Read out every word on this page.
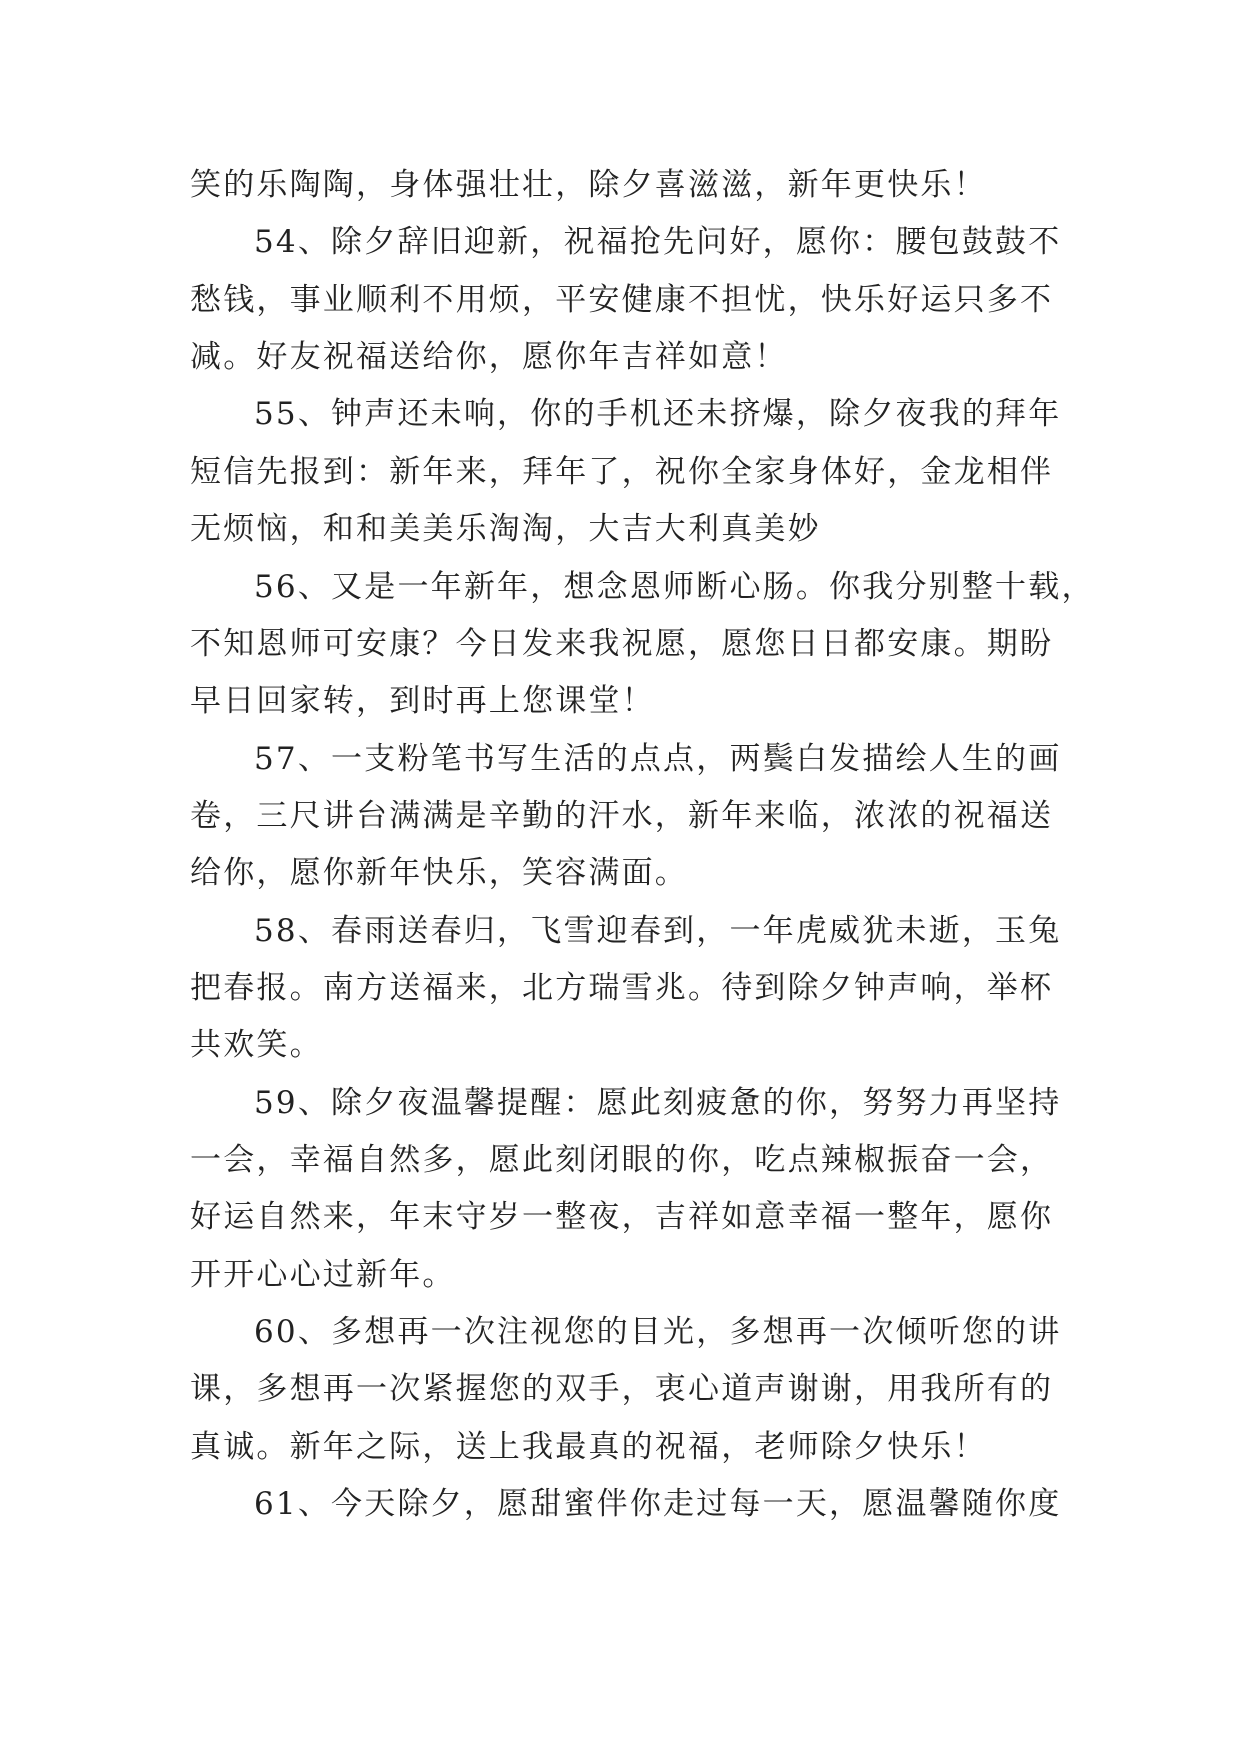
笑的乐陶陶，身体强壮壮，除夕喜滋滋，新年更快乐！
54、除夕辞旧迎新，祝福抢先问好，愿你：腰包鼓鼓不
愁钱，事业顺利不用烦，平安健康不担忧，快乐好运只多不
减。好友祝福送给你，愿你年吉祥如意！
55、钟声还未响，你的手机还未挤爆，除夕夜我的拜年
短信先报到：新年来，拜年了，祝你全家身体好，金龙相伴
无烦恼，和和美美乐淘淘，大吉大利真美妙
56、又是一年新年，想念恩师断心肠。你我分别整十载，
不知恩师可安康？今日发来我祝愿，愿您日日都安康。期盼
早日回家转，到时再上您课堂！
57、一支粉笔书写生活的点点，两鬓白发描绘人生的画
卷，三尺讲台满满是辛勤的汗水，新年来临，浓浓的祝福送
给你，愿你新年快乐，笑容满面。
58、春雨送春归，飞雪迎春到，一年虎威犹未逝，玉兔
把春报。南方送福来，北方瑞雪兆。待到除夕钟声响，举杯
共欢笑。
59、除夕夜温馨提醒：愿此刻疲惫的你，努努力再坚持
一会，幸福自然多，愿此刻闭眼的你，吃点辣椒振奋一会，
好运自然来，年末守岁一整夜，吉祥如意幸福一整年，愿你
开开心心过新年。
60、多想再一次注视您的目光，多想再一次倾听您的讲
课，多想再一次紧握您的双手，衷心道声谢谢，用我所有的
真诚。新年之际，送上我最真的祝福，老师除夕快乐！
61、今天除夕，愿甜蜜伴你走过每一天，愿温馨随你度
